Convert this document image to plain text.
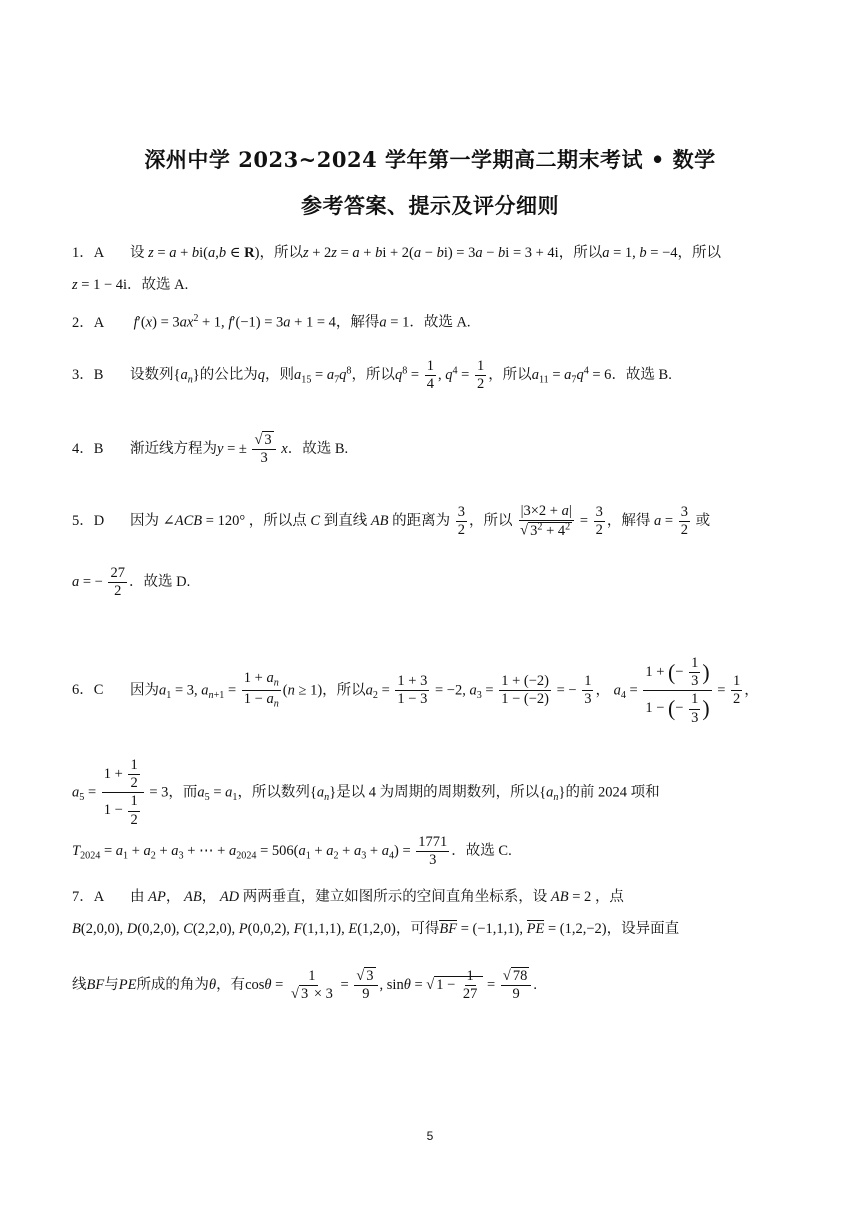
深州中学 2023~2024 学年第一学期高二期末考试 • 数学
参考答案、提示及评分细则
1．A 设 z = a + bi(a,b ∈ R)，所以z + 2z = a + bi + 2(a − bi) = 3a − bi = 3 + 4i，所以a = 1, b = −4，所以
z = 1 − 4i．故选 A.
2．A $f'(x) = 3ax^2 + 1$, f′(−1) = 3a + 1 = 4，解得a = 1．故选 A.
3．B 设数列$\{a_n\}$的公比为q，则$a_{15} = a_7q^8$，所以$q^8 = \frac{1}{4}$ , $q^4 = \frac{1}{2}$ ，所以$a_{11} = a_7q^4 = 6$．故选 B.
4．B 渐近线方程为y = ± $\frac{√ 3}{3}$ x．故选 B.
5．D 因为 ∠ACB = 120° ，所以点 C 到直线 AB 的距离为 $\frac{3}{2}$ ，所以 $\frac{|3\times 2 + a|}{√ 3^2 + 4^2} = \frac{3}{2}$ ，解得 $a = \frac{3}{2}$ 或
a = − $\frac{27}{2}$ ．故选 D.
6．C 因为$a_1 = 3$, $a_{n+1} = \frac{1 + a_n}{1 - a_n} (n \ge 1)$，所以$a_2 = \frac{1 + 3}{1 - 3} = -2$, $a_3 = \frac{1 + (-2)}{1 - (-2)}$ = − $\frac{1}{3}$ ， $a_4 = \frac{1 + (- \frac{1}{3} )}{1 - (- \frac{1}{3} )} = \frac{1}{2}$ ，
$a_5 = \frac{1 + \frac{1}{2}}{1 - \frac{1}{2}} = 3$，而$a_5 = a_1$，所以数列$\{a_n\}$是以 4 为周期的周期数列，所以$\{a_n\}$的前 2024 项和
$T_{2024} = a_1 + a_2 + a_3$ + ⋯ + $a_{2024} = 506(a_1 + a_2 + a_3 + a_4) = \frac{1771}{3}$ ．故选 C.
7．A 由 AP， AB， AD 两两垂直，建立如图所示的空间直角坐标系，设 AB = 2 ，点
B(2,0,0), D(0,2,0), C(2,2,0), P(0,0,2), F(1,1,1), E(1,2,0)，可得BF = (−1,1,1), PE = (1,2,−2)，设异面直
线BF与PE所成的角为θ，有$\cos\theta = \frac{1}{√ 3 \times 3} = \frac{√ 3}{9}$ , sinθ = √ $1 - \frac{1}{27} = \frac{√ 78}{9}$ .
5
